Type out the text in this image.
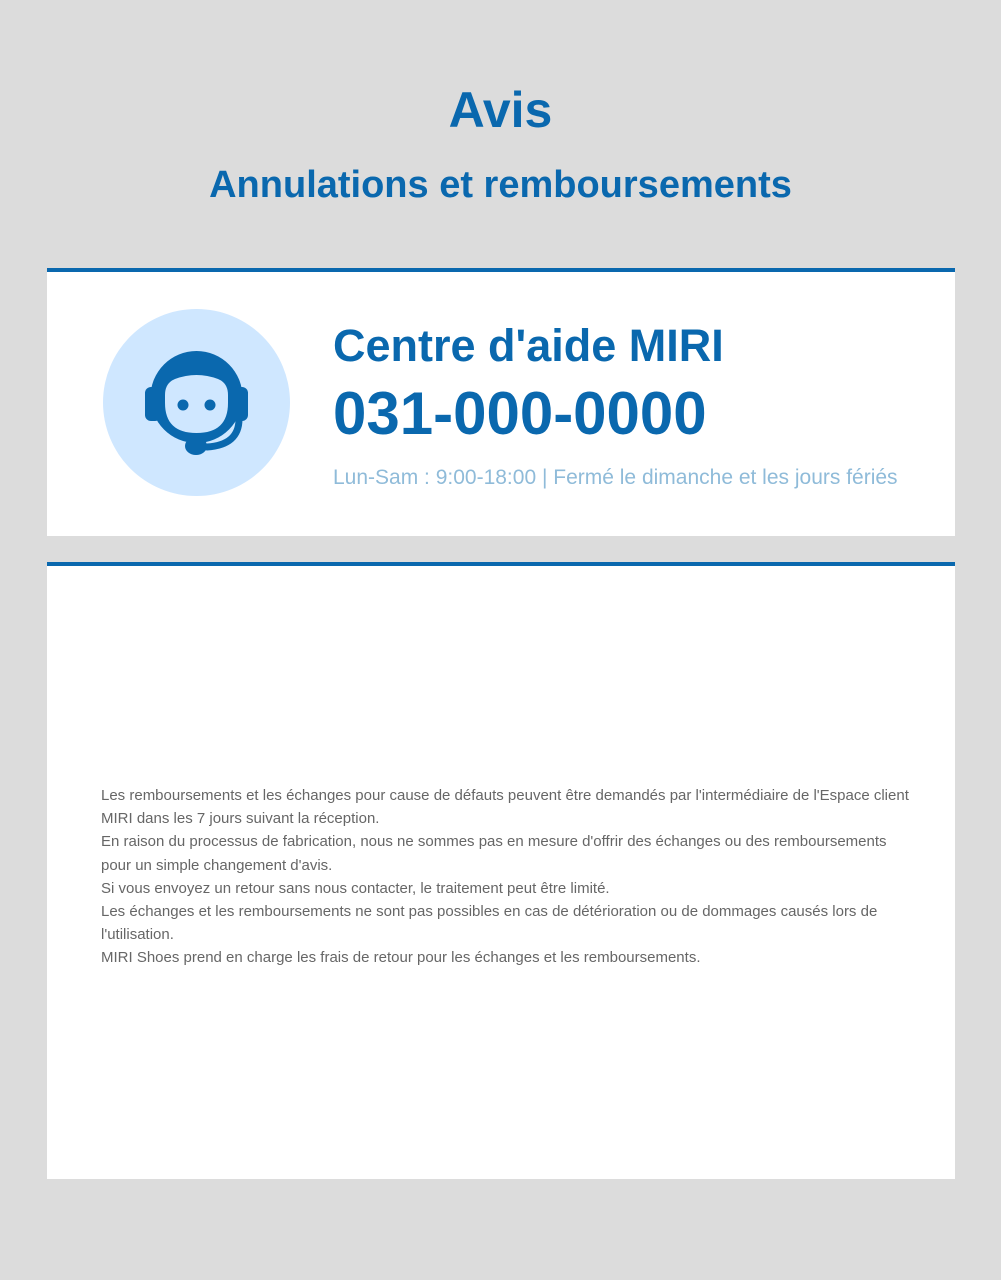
Avis
Annulations et remboursements
Centre d'aide MIRI
031-000-0000
Lun-Sam : 9:00-18:00 | Fermé le dimanche et les jours fériés

Les remboursements et les échanges pour cause de défauts peuvent être demandés par l'intermédiaire de l'Espace client MIRI dans les 7 jours suivant la réception.

En raison du processus de fabrication, nous ne sommes pas en mesure d'offrir des échanges ou des remboursements pour un simple changement d'avis.

Si vous envoyez un retour sans nous contacter, le traitement peut être limité.

Les échanges et les remboursements ne sont pas possibles en cas de détérioration ou de dommages causés lors de l'utilisation.

MIRI Shoes prend en charge les frais de retour pour les échanges et les remboursements.
